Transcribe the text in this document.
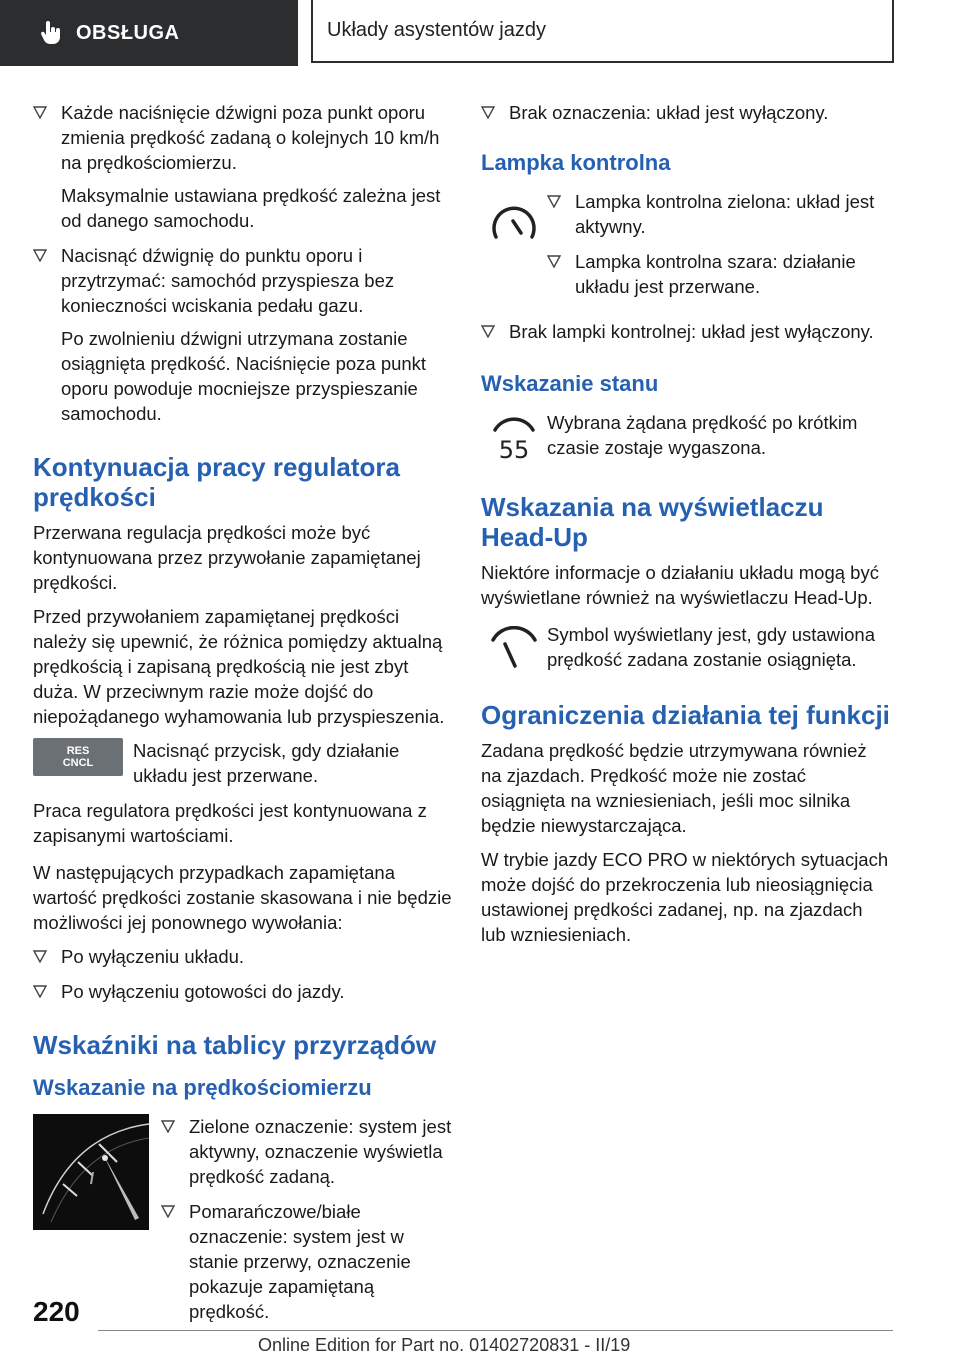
OBSŁUGA	Układy asystentów jazdy
Każde naciśnięcie dźwigni poza punkt oporu zmienia prędkość zadaną o kolejnych 10 km/h na prędkościomierzu.
Maksymalnie ustawiana prędkość zależna jest od danego samochodu.
Nacisnąć dźwignię do punktu oporu i przytrzymać: samochód przyspiesza bez konieczności wciskania pedału gazu.
Po zwolnieniu dźwigni utrzymana zostanie osiągnięta prędkość. Naciśnięcie poza punkt oporu powoduje mocniejsze przyspieszanie samochodu.
Kontynuacja pracy regulatora prędkości

Przerwana regulacja prędkości może być kontynuowana przez przywołanie zapamiętanej prędkości.

Przed przywołaniem zapamiętanej prędkości należy się upewnić, że różnica pomiędzy aktualną prędkością i zapisaną prędkością nie jest zbyt duża. W przeciwnym razie może dojść do niepożądanego wyhamowania lub przyspieszenia.

RES
CNCL
Nacisnąć przycisk, gdy działanie układu jest przerwane.

Praca regulatora prędkości jest kontynuowana z zapisanymi wartościami.

W następujących przypadkach zapamiętana wartość prędkości zostanie skasowana i nie będzie możliwości jej ponownego wywołania:

Po wyłączeniu układu.
Po wyłączeniu gotowości do jazdy.
Wskaźniki na tablicy przyrządów
Wskazanie na prędkościomierzu
Zielone oznaczenie: system jest aktywny, oznaczenie wyświetla prędkość zadaną.
Pomarańczowe/białe oznaczenie: system jest w stanie przerwy, oznaczenie pokazuje zapamiętaną prędkość.
Brak oznaczenia: układ jest wyłączony.
Lampka kontrolna
Lampka kontrolna zielona: układ jest aktywny.
Lampka kontrolna szara: działanie układu jest przerwane.
Brak lampki kontrolnej: układ jest wyłączony.
Wskazanie stanu
55
Wybrana żądana prędkość po krótkim czasie zostaje wygaszona.
Wskazania na wyświetlaczu Head-Up

Niektóre informacje o działaniu układu mogą być wyświetlane również na wyświetlaczu Head-Up.

Symbol wyświetlany jest, gdy ustawiona prędkość zadana zostanie osiągnięta.
Ograniczenia działania tej funkcji

Zadana prędkość będzie utrzymywana również na zjazdach. Prędkość może nie zostać osiągnięta na wzniesieniach, jeśli moc silnika będzie niewystarczająca.

W trybie jazdy ECO PRO w niektórych sytuacjach może dojść do przekroczenia lub nieosiągnięcia ustawionej prędkości zadanej, np. na zjazdach lub wzniesieniach.

220
Online Edition for Part no. 01402720831 - II/19
